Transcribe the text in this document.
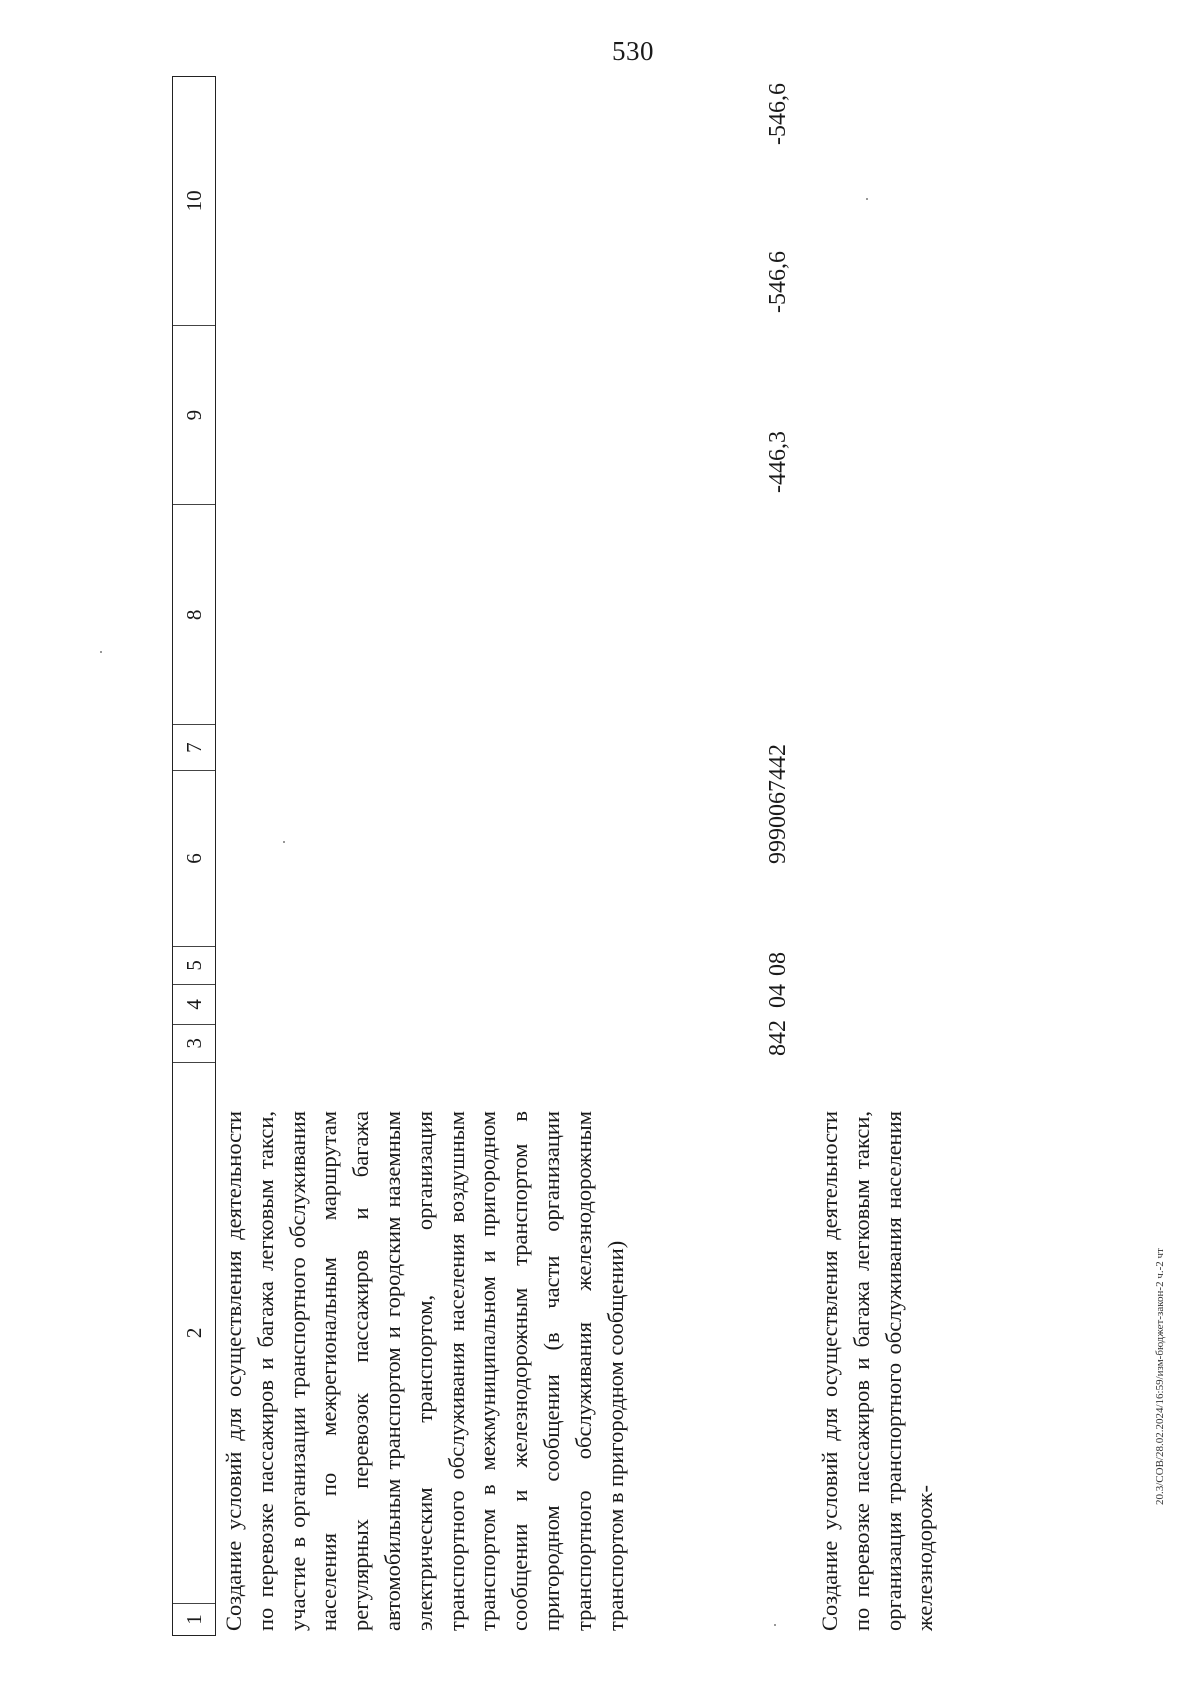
530
20.3/СОВ/28.02.2024/16:59/изм-бюджет-закон-2 ч.-2 чт
1
2
3
4
5
6
7
8
9
10
Создание условий для осуществления деятельности по перевозке пассажиров и багажа легковым такси, участие в организации транспортного обслуживания населения по межрегиональным маршрутам регулярных перевозок пассажиров и багажа автомобильным транспортом и городским наземным электрическим транспортом, организация транспортного обслуживания населения воздушным транспортом в межмуниципальном и пригородном сообщении и железнодорожным транспортом в пригородном сообщении (в части организации транспортного обслуживания железнодорожным транспортом в пригородном сообщении)
842
04
08
9990067442
-446,3
-546,6
-546,6
Создание условий для осуществления деятельности по перевозке пассажиров и багажа легковым такси, организация транспортного обслуживания населения железнодорож-
